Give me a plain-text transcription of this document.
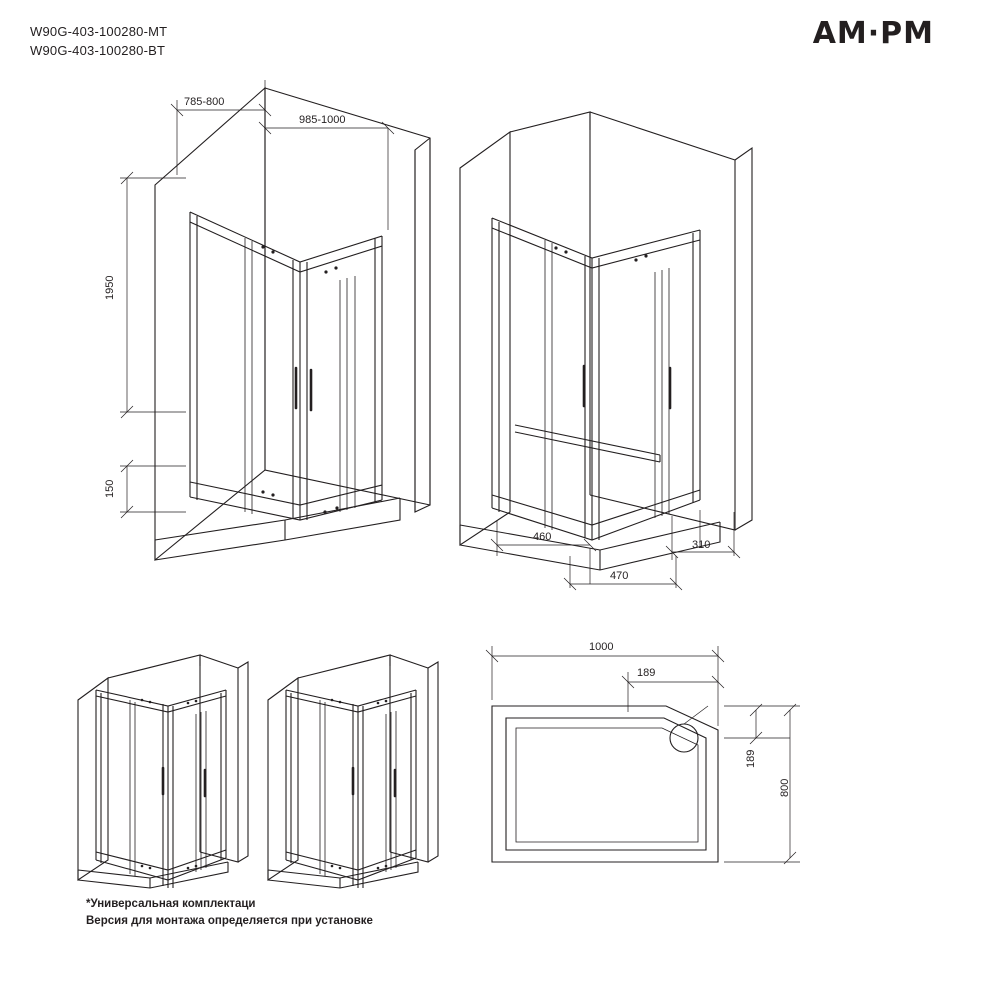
W90G-403-100280-MT
W90G-403-100280-BT	AM·PM
785-800
985-1000
1950
150
460
310
470
1000
189
189
800
*Универсальная комплектаци
Версия для монтажа определяется при установке
